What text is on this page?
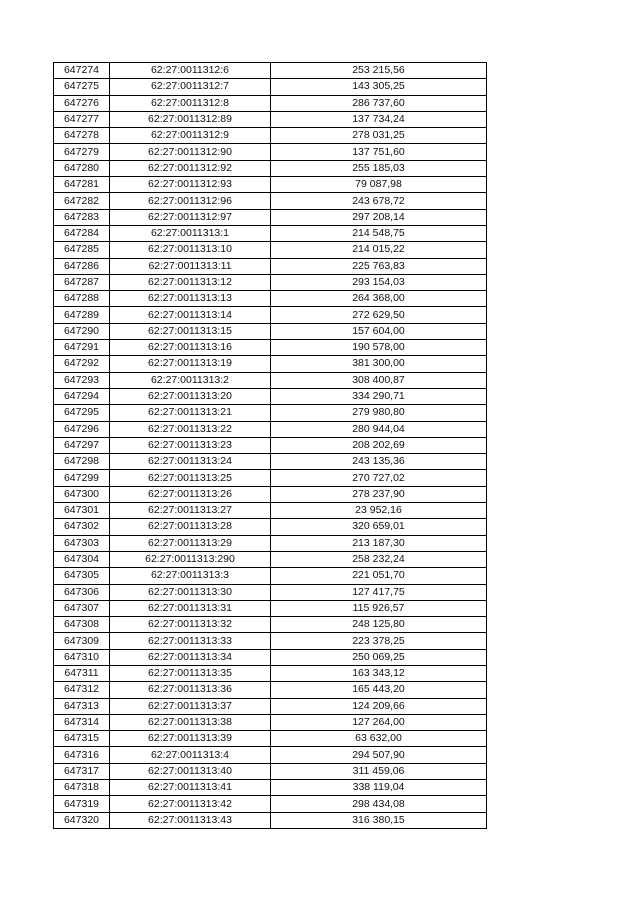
647274	62:27:0011312:6	253 215,56
647275	62:27:0011312:7	143 305,25
647276	62:27:0011312:8	286 737,60
647277	62:27:0011312:89	137 734,24
647278	62:27:0011312:9	278 031,25
647279	62:27:0011312:90	137 751,60
647280	62:27:0011312:92	255 185,03
647281	62:27:0011312:93	79 087,98
647282	62:27:0011312:96	243 678,72
647283	62:27:0011312:97	297 208,14
647284	62:27:0011313:1	214 548,75
647285	62:27:0011313:10	214 015,22
647286	62:27:0011313:11	225 763,83
647287	62:27:0011313:12	293 154,03
647288	62:27:0011313:13	264 368,00
647289	62:27:0011313:14	272 629,50
647290	62:27:0011313:15	157 604,00
647291	62:27:0011313:16	190 578,00
647292	62:27:0011313:19	381 300,00
647293	62:27:0011313:2	308 400,87
647294	62:27:0011313:20	334 290,71
647295	62:27:0011313:21	279 980,80
647296	62:27:0011313:22	280 944,04
647297	62:27:0011313:23	208 202,69
647298	62:27:0011313:24	243 135,36
647299	62:27:0011313:25	270 727,02
647300	62:27:0011313:26	278 237,90
647301	62:27:0011313:27	23 952,16
647302	62:27:0011313:28	320 659,01
647303	62:27:0011313:29	213 187,30
647304	62:27:0011313:290	258 232,24
647305	62:27:0011313:3	221 051,70
647306	62:27:0011313:30	127 417,75
647307	62:27:0011313:31	115 926,57
647308	62:27:0011313:32	248 125,80
647309	62:27:0011313:33	223 378,25
647310	62:27:0011313:34	250 069,25
647311	62:27:0011313:35	163 343,12
647312	62:27:0011313:36	165 443,20
647313	62:27:0011313:37	124 209,66
647314	62:27:0011313:38	127 264,00
647315	62:27:0011313:39	63 632,00
647316	62:27:0011313:4	294 507,90
647317	62:27:0011313:40	311 459,06
647318	62:27:0011313:41	338 119,04
647319	62:27:0011313:42	298 434,08
647320	62:27:0011313:43	316 380,15
